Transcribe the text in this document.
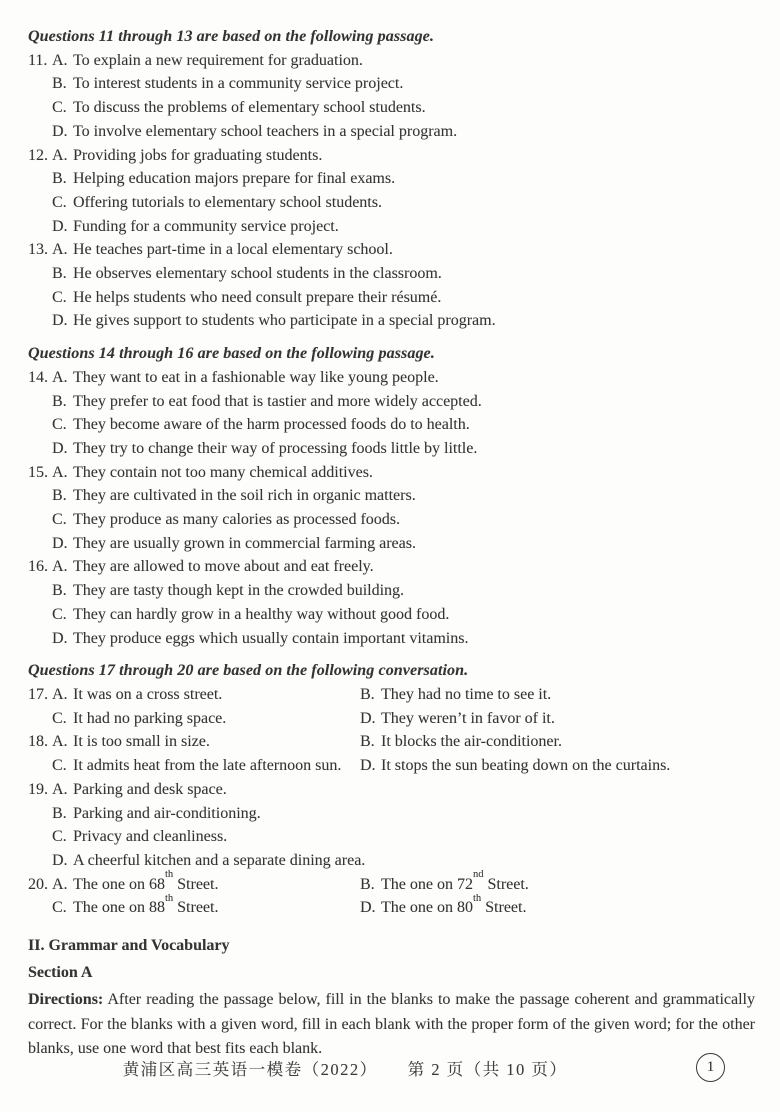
Questions 11 through 13 are based on the following passage.
11. A. To explain a new requirement for graduation.
B. To interest students in a community service project.
C. To discuss the problems of elementary school students.
D. To involve elementary school teachers in a special program.
12. A. Providing jobs for graduating students.
B. Helping education majors prepare for final exams.
C. Offering tutorials to elementary school students.
D. Funding for a community service project.
13. A. He teaches part-time in a local elementary school.
B. He observes elementary school students in the classroom.
C. He helps students who need consult prepare their résumé.
D. He gives support to students who participate in a special program.
Questions 14 through 16 are based on the following passage.
14. A. They want to eat in a fashionable way like young people.
B. They prefer to eat food that is tastier and more widely accepted.
C. They become aware of the harm processed foods do to health.
D. They try to change their way of processing foods little by little.
15. A. They contain not too many chemical additives.
B. They are cultivated in the soil rich in organic matters.
C. They produce as many calories as processed foods.
D. They are usually grown in commercial farming areas.
16. A. They are allowed to move about and eat freely.
B. They are tasty though kept in the crowded building.
C. They can hardly grow in a healthy way without good food.
D. They produce eggs which usually contain important vitamins.
Questions 17 through 20 are based on the following conversation.
17. A. It was on a cross street.	B. They had no time to see it.
C. It had no parking space.	D. They weren’t in favor of it.
18. A. It is too small in size.	B. It blocks the air-conditioner.
C. It admits heat from the late afternoon sun. D. It stops the sun beating down on the curtains.
19. A. Parking and desk space.
B. Parking and air-conditioning.
C. Privacy and cleanliness.
D. A cheerful kitchen and a separate dining area.
20. A. The one on 68th Street.	B. The one on 72nd Street.
C. The one on 88th Street.	D. The one on 80th Street.
II. Grammar and Vocabulary
Section A

Directions: After reading the passage below, fill in the blanks to make the passage coherent and grammatically correct. For the blanks with a given word, fill in each blank with the proper form of the given word; for the other blanks, use one word that best fits each blank.

黄浦区高三英语一模卷（2022） 第 2 页（共 10 页）	1
